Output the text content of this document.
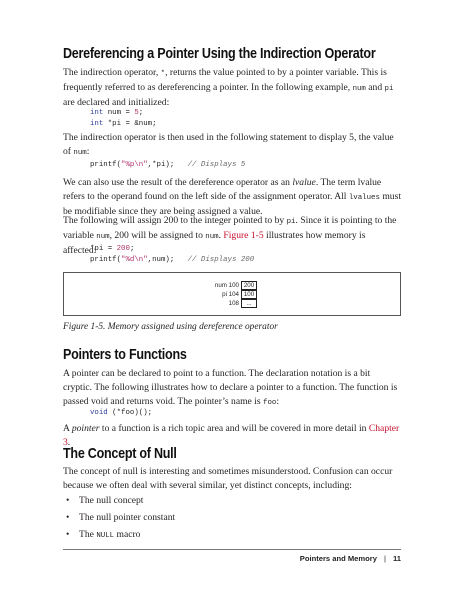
Dereferencing a Pointer Using the Indirection Operator

The indirection operator, *, returns the value pointed to by a pointer variable. This is frequently referred to as dereferencing a pointer. In the following example, num and pi are declared and initialized:

int num = 5;
int *pi = &num;

The indirection operator is then used in the following statement to display 5, the value of num:

printf("%p\n",*pi); // Displays 5

We can also use the result of the dereference operator as an lvalue. The term lvalue refers to the operand found on the left side of the assignment operator. All lvalues must be modifiable since they are being assigned a value.

The following will assign 200 to the integer pointed to by pi. Since it is pointing to the variable num, 200 will be assigned to num. Figure 1-5 illustrates how memory is affected:

*pi = 200;
printf("%d\n",num); // Displays 200
num 100 200
pi 104 100
108	...
Figure 1-5. Memory assigned using dereference operator
Pointers to Functions

A pointer can be declared to point to a function. The declaration notation is a bit cryptic. The following illustrates how to declare a pointer to a function. The function is passed void and returns void. The pointer’s name is foo:

void (*foo)();

A pointer to a function is a rich topic area and will be covered in more detail in Chapter 3.

The Concept of Null

The concept of null is interesting and sometimes misunderstood. Confusion can occur because we often deal with several similar, yet distinct concepts, including:

• The null concept
• The null pointer constant
• The NULL macro
Pointers and Memory | 11
